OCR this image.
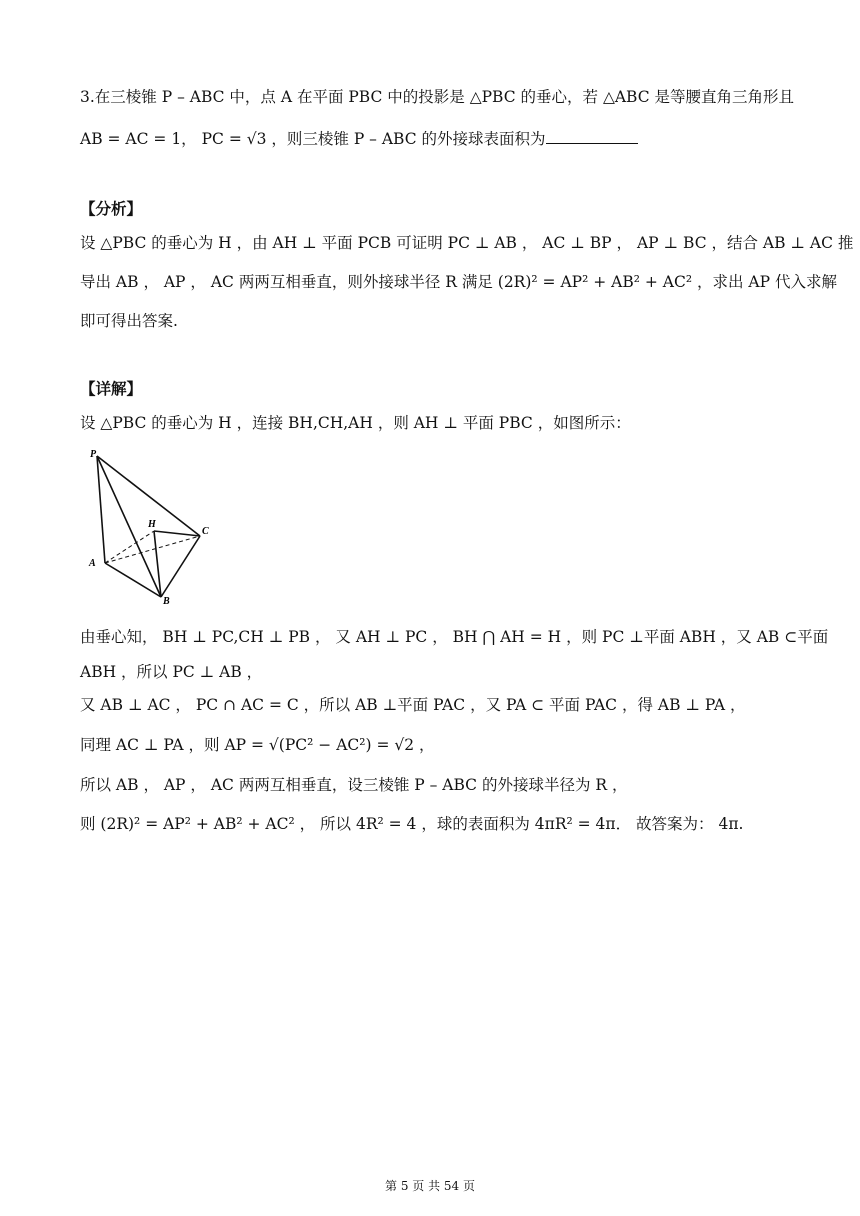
3.在三棱锥 P – ABC 中，点 A 在平面 PBC 中的投影是 △PBC 的垂心，若 △ABC 是等腰直角三角形且
AB = AC = 1， PC = √3 ，则三棱锥 P – ABC 的外接球表面积为
【分析】
设 △PBC 的垂心为 H ，由 AH ⊥ 平面 PCB 可证明 PC ⊥ AB ， AC ⊥ BP ， AP ⊥ BC ，结合 AB ⊥ AC 推
导出 AB ， AP ， AC 两两互相垂直，则外接球半径 R 满足 (2R)² = AP² + AB² + AC² ，求出 AP 代入求解
即可得出答案.
【详解】
设 △PBC 的垂心为 H ，连接 BH,CH,AH ，则 AH ⊥ 平面 PBC ，如图所示：
P
H
C
A
B
由垂心知， BH ⊥ PC,CH ⊥ PB ， 又 AH ⊥ PC ， BH ⋂ AH = H ，则 PC ⊥平面 ABH ，又 AB ⊂平面
ABH ，所以 PC ⊥ AB ，
又 AB ⊥ AC ， PC ∩ AC = C ，所以 AB ⊥平面 PAC ，又 PA ⊂ 平面 PAC ，得 AB ⊥ PA ，
同理 AC ⊥ PA ，则 AP = √(PC² − AC²) = √2 ，
所以 AB ， AP ， AC 两两互相垂直，设三棱锥 P – ABC 的外接球半径为 R ，
则 (2R)² = AP² + AB² + AC² ， 所以 4R² = 4 ，球的表面积为 4πR² = 4π． 故答案为： 4π.
第 5 页 共 54 页
